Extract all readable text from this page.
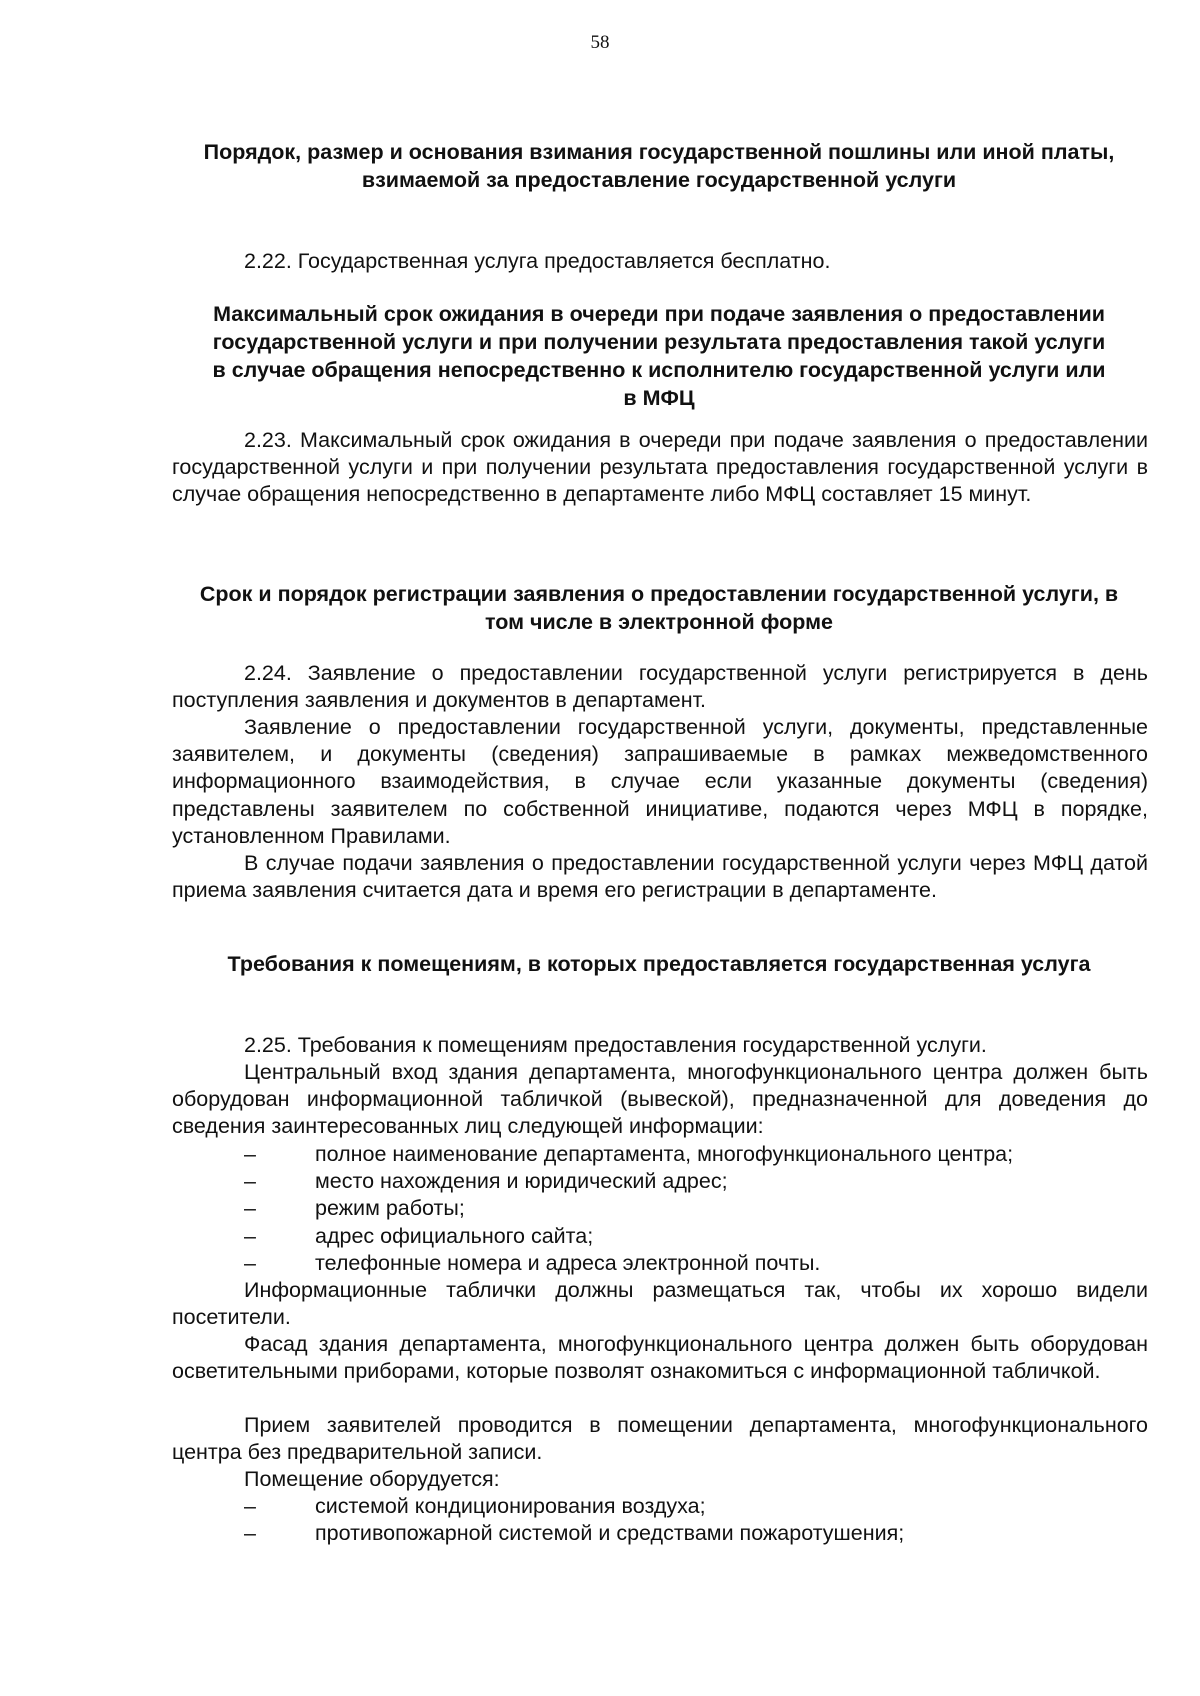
58
Порядок, размер и основания взимания государственной пошлины или иной платы, взимаемой за предоставление государственной услуги

2.22. Государственная услуга предоставляется бесплатно.

Максимальный срок ожидания в очереди при подаче заявления о предоставлении государственной услуги и при получении результата предоставления такой услуги в случае обращения непосредственно к исполнителю государственной услуги или в МФЦ

2.23. Максимальный срок ожидания в очереди при подаче заявления о предоставлении государственной услуги и при получении результата предоставления государственной услуги в случае обращения непосредственно в департаменте либо МФЦ составляет 15 минут.

Срок и порядок регистрации заявления о предоставлении государственной услуги, в том числе в электронной форме

2.24. Заявление о предоставлении государственной услуги регистрируется в день поступления заявления и документов в департамент.

Заявление о предоставлении государственной услуги, документы, представленные заявителем, и документы (сведения) запрашиваемые в рамках межведомственного информационного взаимодействия, в случае если указанные документы (сведения) представлены заявителем по собственной инициативе, подаются через МФЦ в порядке, установленном Правилами.

В случае подачи заявления о предоставлении государственной услуги через МФЦ датой приема заявления считается дата и время его регистрации в департаменте.

Требования к помещениям, в которых предоставляется государственная услуга

2.25. Требования к помещениям предоставления государственной услуги.

Центральный вход здания департамента, многофункционального центра должен быть оборудован информационной табличкой (вывеской), предназначенной для доведения до сведения заинтересованных лиц следующей информации:

–	полное наименование департамента, многофункционального центра;
–	место нахождения и юридический адрес;
–	режим работы;
–	адрес официального сайта;
–	телефонные номера и адреса электронной почты.

Информационные таблички должны размещаться так, чтобы их хорошо видели посетители.

Фасад здания департамента, многофункционального центра должен быть оборудован осветительными приборами, которые позволят ознакомиться с информационной табличкой.

Прием заявителей проводится в помещении департамента, многофункционального центра без предварительной записи.

Помещение оборудуется:

–	системой кондиционирования воздуха;
–	противопожарной системой и средствами пожаротушения;
